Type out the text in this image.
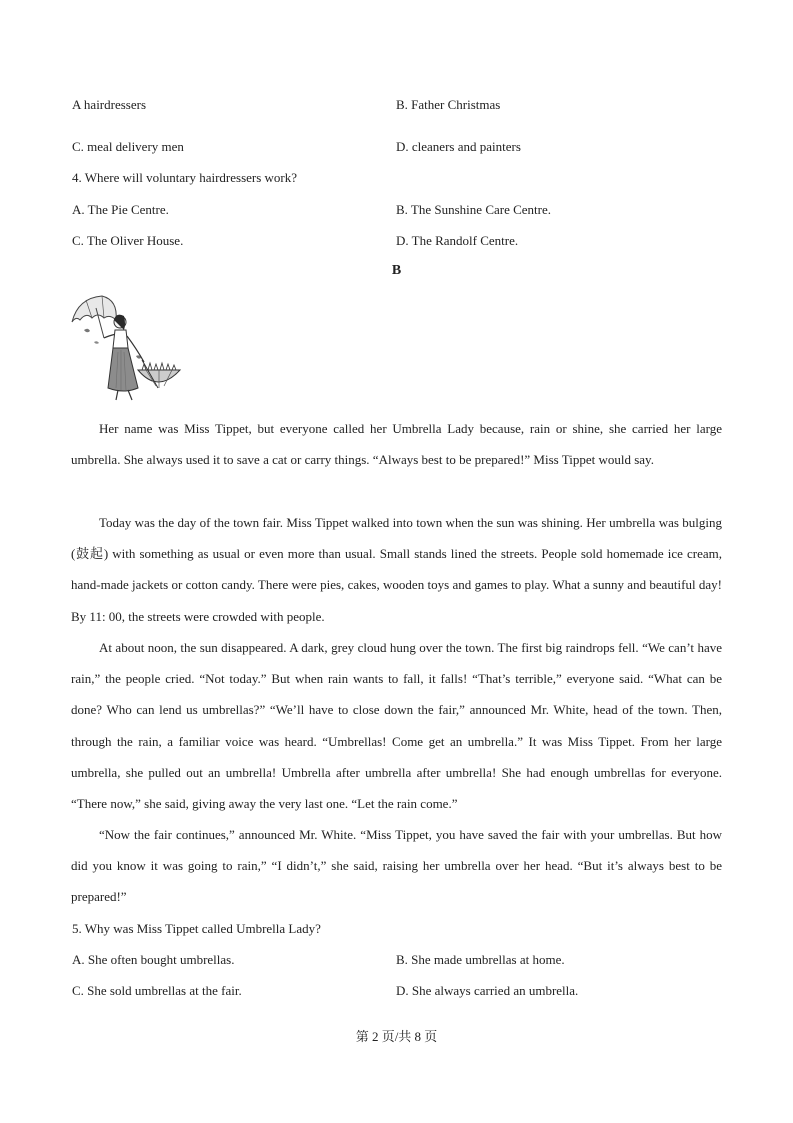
A hairdressers	B. Father Christmas
C. meal delivery men	D. cleaners and painters
4. Where will voluntary hairdressers work?
A. The Pie Centre.	B. The Sunshine Care Centre.
C. The Oliver House.	D. The Randolf Centre.
B

Her name was Miss Tippet, but everyone called her Umbrella Lady because, rain or shine, she carried her large umbrella. She always used it to save a cat or carry things. “Always best to be prepared!” Miss Tippet would say.

Today was the day of the town fair. Miss Tippet walked into town when the sun was shining. Her umbrella was bulging (鼓起) with something as usual or even more than usual. Small stands lined the streets. People sold homemade ice cream, hand-made jackets or cotton candy. There were pies, cakes, wooden toys and games to play. What a sunny and beautiful day! By 11: 00, the streets were crowded with people.

At about noon, the sun disappeared. A dark, grey cloud hung over the town. The first big raindrops fell. “We can’t have rain,” the people cried. “Not today.” But when rain wants to fall, it falls! “That’s terrible,” everyone said. “What can be done? Who can lend us umbrellas?” “We’ll have to close down the fair,” announced Mr. White, head of the town. Then, through the rain, a familiar voice was heard. “Umbrellas! Come get an umbrella.” It was Miss Tippet. From her large umbrella, she pulled out an umbrella! Umbrella after umbrella after umbrella! She had enough umbrellas for everyone. “There now,” she said, giving away the very last one. “Let the rain come.”

“Now the fair continues,” announced Mr. White. “Miss Tippet, you have saved the fair with your umbrellas. But how did you know it was going to rain,” “I didn’t,” she said, raising her umbrella over her head. “But it’s always best to be prepared!”

5. Why was Miss Tippet called Umbrella Lady?
A. She often bought umbrellas.	B. She made umbrellas at home.
C. She sold umbrellas at the fair.	D. She always carried an umbrella.
第 2 页/共 8 页
